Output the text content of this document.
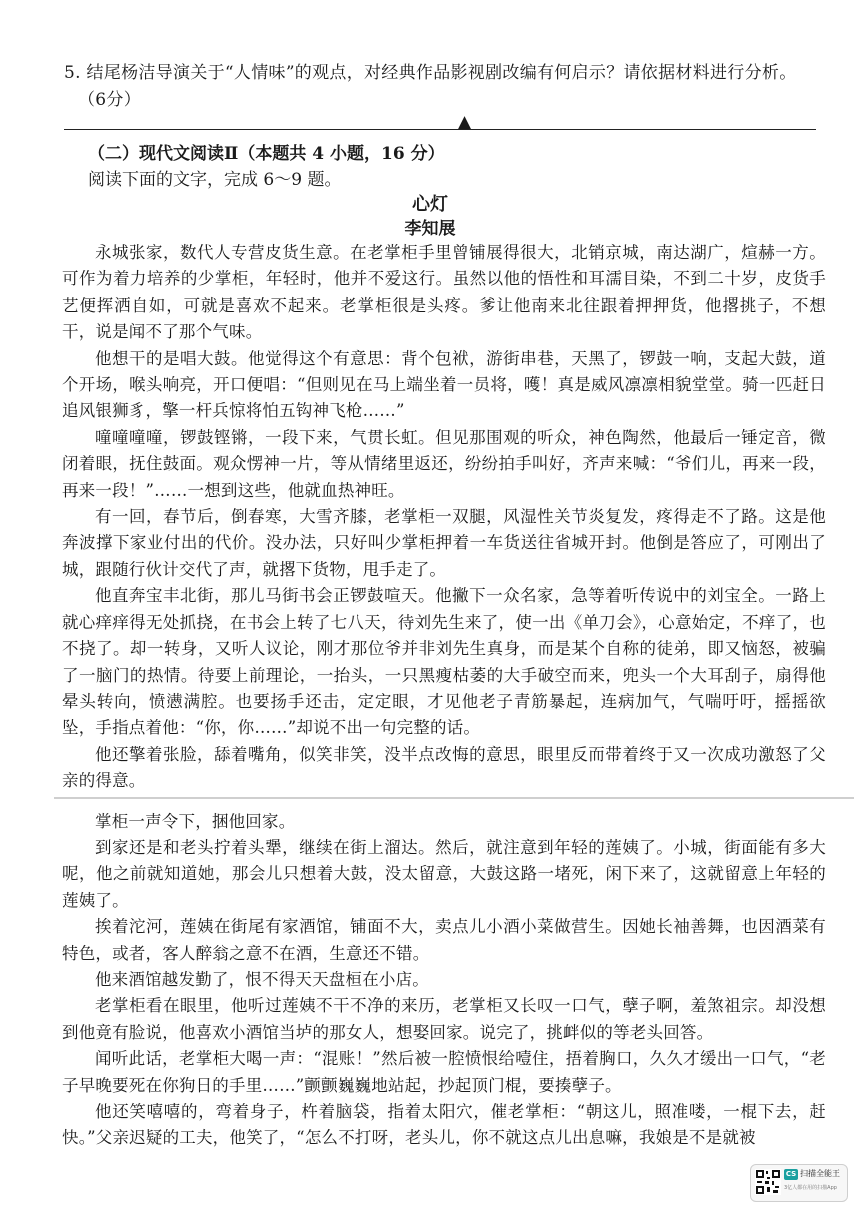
5. 结尾杨洁导演关于“人情味”的观点，对经典作品影视剧改编有何启示？请依据材料进行分析。
（6分）
▲
（二）现代文阅读Ⅱ（本题共 4 小题，16 分）
阅读下面的文字，完成 6～9 题。
心灯
李知展

永城张家，数代人专营皮货生意。在老掌柜手里曾铺展得很大，北销京城，南达湖广，煊赫一方。可作为着力培养的少掌柜，年轻时，他并不爱这行。虽然以他的悟性和耳濡目染，不到二十岁，皮货手艺便挥洒自如，可就是喜欢不起来。老掌柜很是头疼。爹让他南来北往跟着押押货，他撂挑子，不想干，说是闻不了那个气味。

他想干的是唱大鼓。他觉得这个有意思：背个包袱，游街串巷，天黑了，锣鼓一响，支起大鼓，道个开场，喉头响亮，开口便唱：“但则见在马上端坐着一员将，嚄！真是威风凛凛相貌堂堂。骑一匹赶日追风银狮豸，擎一杆兵惊将怕五钩神飞枪……”

噇噇噇噇，锣鼓铿锵，一段下来，气贯长虹。但见那围观的听众，神色陶然，他最后一锤定音，微闭着眼，抚住鼓面。观众愣神一片，等从情绪里返还，纷纷拍手叫好，齐声来喊：“爷们儿，再来一段，再来一段！”……一想到这些，他就血热神旺。

有一回，春节后，倒春寒，大雪齐膝，老掌柜一双腿，风湿性关节炎复发，疼得走不了路。这是他奔波撑下家业付出的代价。没办法，只好叫少掌柜押着一车货送往省城开封。他倒是答应了，可刚出了城，跟随行伙计交代了声，就撂下货物，甩手走了。

他直奔宝丰北街，那儿马街书会正锣鼓喧天。他撇下一众名家，急等着听传说中的刘宝全。一路上就心痒痒得无处抓挠，在书会上转了七八天，待刘先生来了，使一出《单刀会》，心意始定，不痒了，也不挠了。却一转身，又听人议论，刚才那位爷并非刘先生真身，而是某个自称的徒弟，即又恼怒，被骗了一脑门的热情。待要上前理论，一抬头，一只黑瘦枯萎的大手破空而来，兜头一个大耳刮子，扇得他晕头转向，愤懑满腔。也要扬手还击，定定眼，才见他老子青筋暴起，连病加气，气喘吁吁，摇摇欲坠，手指点着他：“你，你……”却说不出一句完整的话。

他还擎着张脸，舔着嘴角，似笑非笑，没半点改悔的意思，眼里反而带着终于又一次成功激怒了父亲的得意。

掌柜一声令下，捆他回家。

到家还是和老头拧着头犟，继续在街上溜达。然后，就注意到年轻的莲姨了。小城，街面能有多大呢，他之前就知道她，那会儿只想着大鼓，没太留意，大鼓这路一堵死，闲下来了，这就留意上年轻的莲姨了。

挨着沱河，莲姨在街尾有家酒馆，铺面不大，卖点儿小酒小菜做营生。因她长袖善舞，也因酒菜有特色，或者，客人醉翁之意不在酒，生意还不错。

他来酒馆越发勤了，恨不得天天盘桓在小店。

老掌柜看在眼里，他听过莲姨不干不净的来历，老掌柜又长叹一口气，孽子啊，羞煞祖宗。却没想到他竟有脸说，他喜欢小酒馆当垆的那女人，想娶回家。说完了，挑衅似的等老头回答。

闻听此话，老掌柜大喝一声：“混账！”然后被一腔愤恨给噎住，捂着胸口，久久才缓出一口气，“老子早晚要死在你狗日的手里……”颤颤巍巍地站起，抄起顶门棍，要揍孽子。

他还笑嘻嘻的，弯着身子，杵着脑袋，指着太阳穴，催老掌柜：“朝这儿，照准喽，一棍下去，赶快。”父亲迟疑的工夫，他笑了，“怎么不打呀，老头儿，你不就这点儿出息嘛，我娘是不是就被

CS 扫描全能王
3亿人都在用的扫描App
